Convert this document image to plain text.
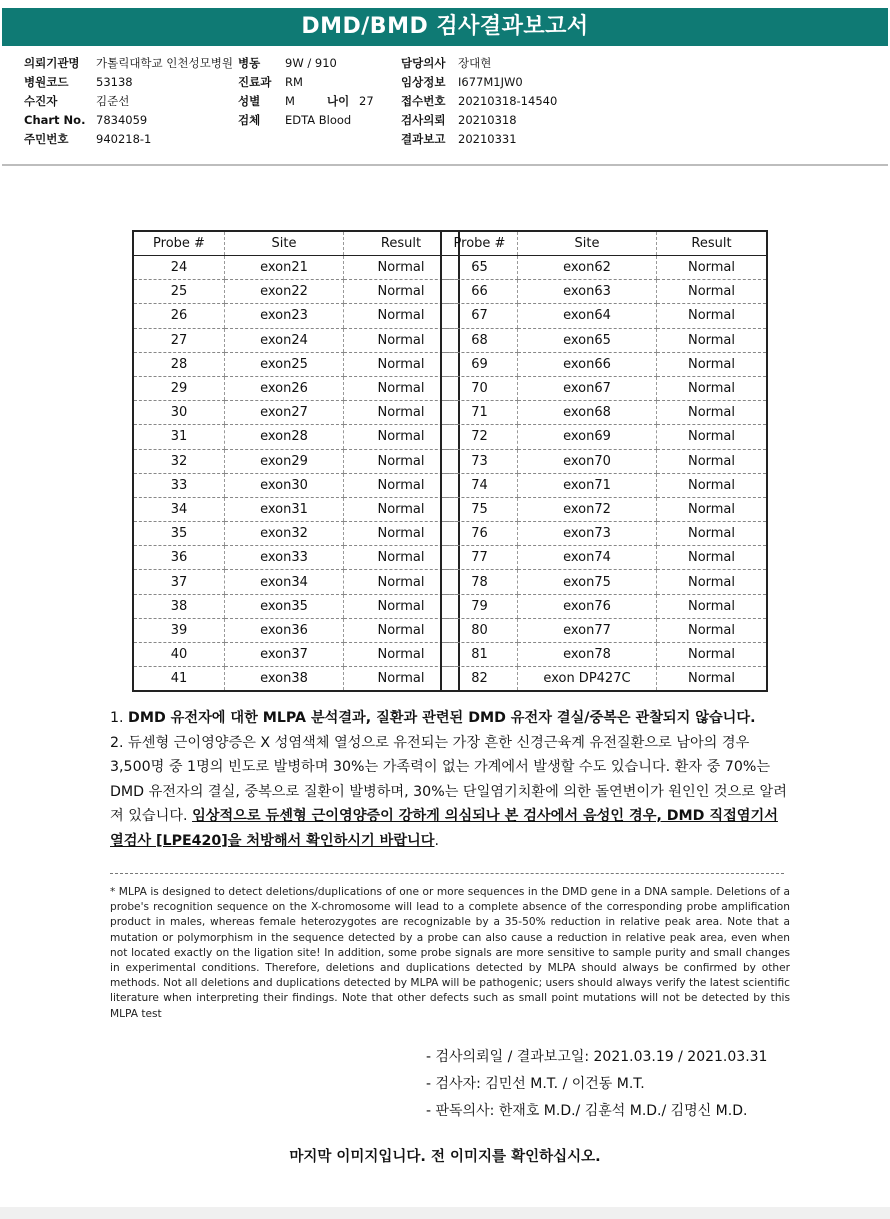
DMD/BMD 검사결과보고서
의뢰기관명	가톨릭대학교 인천성모병원
병원코드	53138
수진자	김준선
Chart No. 7834059
주민번호	940218-1
병동	9W / 910
진료과	RM
성별	M	나이 27
검체	EDTA Blood
담당의사	장대현
임상정보	I677M1JW0
접수번호	20210318-14540
검사의뢰	20210318
결과보고	20210331
Probe #	Site	Result
24	exon21	Normal
25	exon22	Normal
26	exon23	Normal
27	exon24	Normal
28	exon25	Normal
29	exon26	Normal
30	exon27	Normal
31	exon28	Normal
32	exon29	Normal
33	exon30	Normal
34	exon31	Normal
35	exon32	Normal
36	exon33	Normal
37	exon34	Normal
38	exon35	Normal
39	exon36	Normal
40	exon37	Normal
41	exon38	Normal
Probe #	Site	Result
65	exon62	Normal
66	exon63	Normal
67	exon64	Normal
68	exon65	Normal
69	exon66	Normal
70	exon67	Normal
71	exon68	Normal
72	exon69	Normal
73	exon70	Normal
74	exon71	Normal
75	exon72	Normal
76	exon73	Normal
77	exon74	Normal
78	exon75	Normal
79	exon76	Normal
80	exon77	Normal
81	exon78	Normal
82	exon DP427C	Normal

1. DMD 유전자에 대한 MLPA 분석결과, 질환과 관련된 DMD 유전자 결실/중복은 관찰되지 않습니다.

2. 듀센형 근이영양증은 X 성염색체 열성으로 유전되는 가장 흔한 신경근육계 유전질환으로 남아의 경우 3,500명 중 1명의 빈도로 발병하며 30%는 가족력이 없는 가계에서 발생할 수도 있습니다. 환자 중 70%는 DMD 유전자의 결실, 중복으로 질환이 발병하며, 30%는 단일염기치환에 의한 돌연변이가 원인인 것으로 알려져 있습니다. 임상적으로 듀센형 근이영양증이 강하게 의심되나 본 검사에서 음성인 경우, DMD 직접염기서열검사 [LPE420]을 처방해서 확인하시기 바랍니다.

* MLPA is designed to detect deletions/duplications of one or more sequences in the DMD gene in a DNA sample. Deletions of a probe's recognition sequence on the X-chromosome will lead to a complete absence of the corresponding probe amplification product in males, whereas female heterozygotes are recognizable by a 35-50% reduction in relative peak area. Note that a mutation or polymorphism in the sequence detected by a probe can also cause a reduction in relative peak area, even when not located exactly on the ligation site! In addition, some probe signals are more sensitive to sample purity and small changes in experimental conditions. Therefore, deletions and duplications detected by MLPA should always be confirmed by other methods. Not all deletions and duplications detected by MLPA will be pathogenic; users should always verify the latest scientific literature when interpreting their findings. Note that other defects such as small point mutations will not be detected by this MLPA test
- 검사의뢰일 / 결과보고일: 2021.03.19 / 2021.03.31
- 검사자: 김민선 M.T. / 이건동 M.T.
- 판독의사: 한재호 M.D./ 김훈석 M.D./ 김명신 M.D.
마지막 이미지입니다. 전 이미지를 확인하십시오.
